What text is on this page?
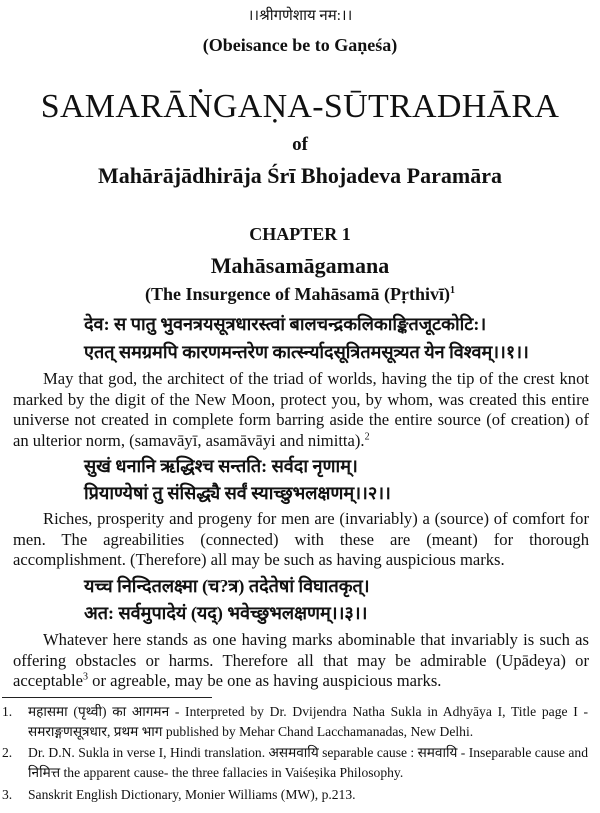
।।श्रीगणेशाय नम:।।
(Obeisance be to Gaṇeśa)
SAMARĀṄGAṆA-SŪTRADHĀRA
of
Mahārājādhirāja Śrī Bhojadeva Paramāra
CHAPTER 1
Mahāsamāgamana
(The Insurgence of Mahāsamā (Pṛthivī)$^1$
देव: स पातु भुवनत्रयसूत्रधारस्त्वां बालचन्द्रकलिकाङ्कितजूटकोटि:।
एतत् समग्रमपि कारणमन्तरेण कार्त्स्न्यादसूत्रितमसूत्र्यत येन विश्वम्।।१।।
May that god, the architect of the triad of worlds, having the tip of the crest knot marked by the digit of the New Moon, protect you, by whom, was created this entire universe not created in complete form barring aside the entire source (of creation) of an ulterior norm, (samavāyī, asamāvāyi and nimitta).$^2$
सुखं धनानि ऋद्धिश्च सन्तति: सर्वदा नृणाम्।
प्रियाण्येषां तु संसिद्ध्यै सर्वं स्याच्छुभलक्षणम्।।२।।
Riches, prosperity and progeny for men are (invariably) a (source) of comfort for men. The agreabilities (connected) with these are (meant) for thorough accomplishment. (Therefore) all may be such as having auspicious marks.
यच्च निन्दितलक्ष्मा (च?त्र) तदेतेषां विघातकृत्।
अत: सर्वमुपादेयं (यद्) भवेच्छुभलक्षणम्।।३।।
Whatever here stands as one having marks abominable that invariably is such as offering obstacles or harms. Therefore all that may be admirable (Upādeya) or acceptable$^3$ or agreable, may be one as having auspicious marks.
1. महासमा (पृथ्वी) का आगमन - Interpreted by Dr. Dvijendra Natha Sukla in Adhyāya I, Title page I - समराङ्गणसूत्रधार, प्रथम भाग published by Mehar Chand Lacchamanadas, New Delhi.
2. Dr. D.N. Sukla in verse I, Hindi translation. असमवायि separable cause : समवायि - Inseparable cause and निमित्त the apparent cause- the three fallacies in Vaiśeṣika Philosophy.
3. Sanskrit English Dictionary, Monier Williams (MW), p.213.
